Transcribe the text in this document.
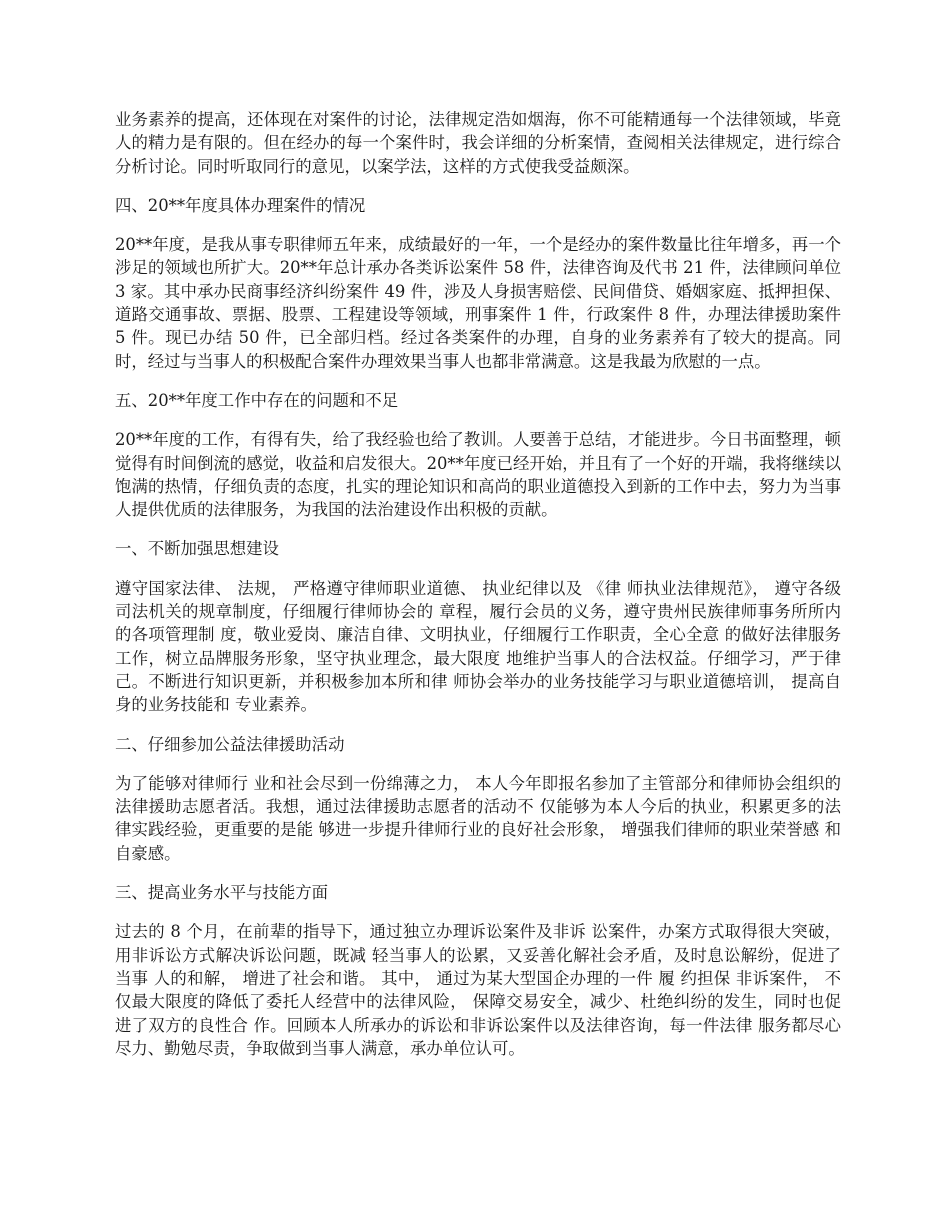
业务素养的提高，还体现在对案件的讨论，法律规定浩如烟海，你不可能精通每一个法律领域，毕竟人的精力是有限的。但在经办的每一个案件时，我会详细的分析案情，查阅相关法律规定，进行综合分析讨论。同时听取同行的意见，以案学法，这样的方式使我受益颇深。

四、20**年度具体办理案件的情况

20**年度，是我从事专职律师五年来，成绩最好的一年，一个是经办的案件数量比往年增多，再一个涉足的领域也所扩大。20**年总计承办各类诉讼案件 58 件，法律咨询及代书 21 件，法律顾问单位 3 家。其中承办民商事经济纠纷案件 49 件，涉及人身损害赔偿、民间借贷、婚姻家庭、抵押担保、道路交通事故、票据、股票、工程建设等领域，刑事案件 1 件，行政案件 8 件，办理法律援助案件 5 件。现已办结 50 件，已全部归档。经过各类案件的办理，自身的业务素养有了较大的提高。同时，经过与当事人的积极配合案件办理效果当事人也都非常满意。这是我最为欣慰的一点。

五、20**年度工作中存在的问题和不足

20**年度的工作，有得有失，给了我经验也给了教训。人要善于总结，才能进步。今日书面整理，顿觉得有时间倒流的感觉，收益和启发很大。20**年度已经开始，并且有了一个好的开端，我将继续以饱满的热情，仔细负责的态度，扎实的理论知识和高尚的职业道德投入到新的工作中去，努力为当事人提供优质的法律服务，为我国的法治建设作出积极的贡献。

一、不断加强思想建设

遵守国家法律、 法规， 严格遵守律师职业道德、 执业纪律以及 《律 师执业法律规范》， 遵守各级司法机关的规章制度，仔细履行律师协会的 章程，履行会员的义务，遵守贵州民族律师事务所所内的各项管理制 度，敬业爱岗、廉洁自律、文明执业，仔细履行工作职责，全心全意 的做好法律服务工作，树立品牌服务形象，坚守执业理念，最大限度 地维护当事人的合法权益。仔细学习，严于律己。不断进行知识更新，并积极参加本所和律 师协会举办的业务技能学习与职业道德培训， 提高自身的业务技能和 专业素养。

二、仔细参加公益法律援助活动

为了能够对律师行 业和社会尽到一份绵薄之力， 本人今年即报名参加了主管部分和律师协会组织的法律援助志愿者活。我想，通过法律援助志愿者的活动不 仅能够为本人今后的执业，积累更多的法律实践经验，更重要的是能 够进一步提升律师行业的良好社会形象， 增强我们律师的职业荣誉感 和自豪感。

三、提高业务水平与技能方面

过去的 8 个月，在前辈的指导下，通过独立办理诉讼案件及非诉 讼案件，办案方式取得很大突破，用非诉讼方式解决诉讼问题，既减 轻当事人的讼累，又妥善化解社会矛盾，及时息讼解纷，促进了当事 人的和解， 增进了社会和谐。 其中， 通过为某大型国企办理的一件 履 约担保 非诉案件， 不仅最大限度的降低了委托人经营中的法律风险， 保障交易安全，减少、杜绝纠纷的发生，同时也促进了双方的良性合 作。回顾本人所承办的诉讼和非诉讼案件以及法律咨询，每一件法律 服务都尽心尽力、勤勉尽责，争取做到当事人满意，承办单位认可。
